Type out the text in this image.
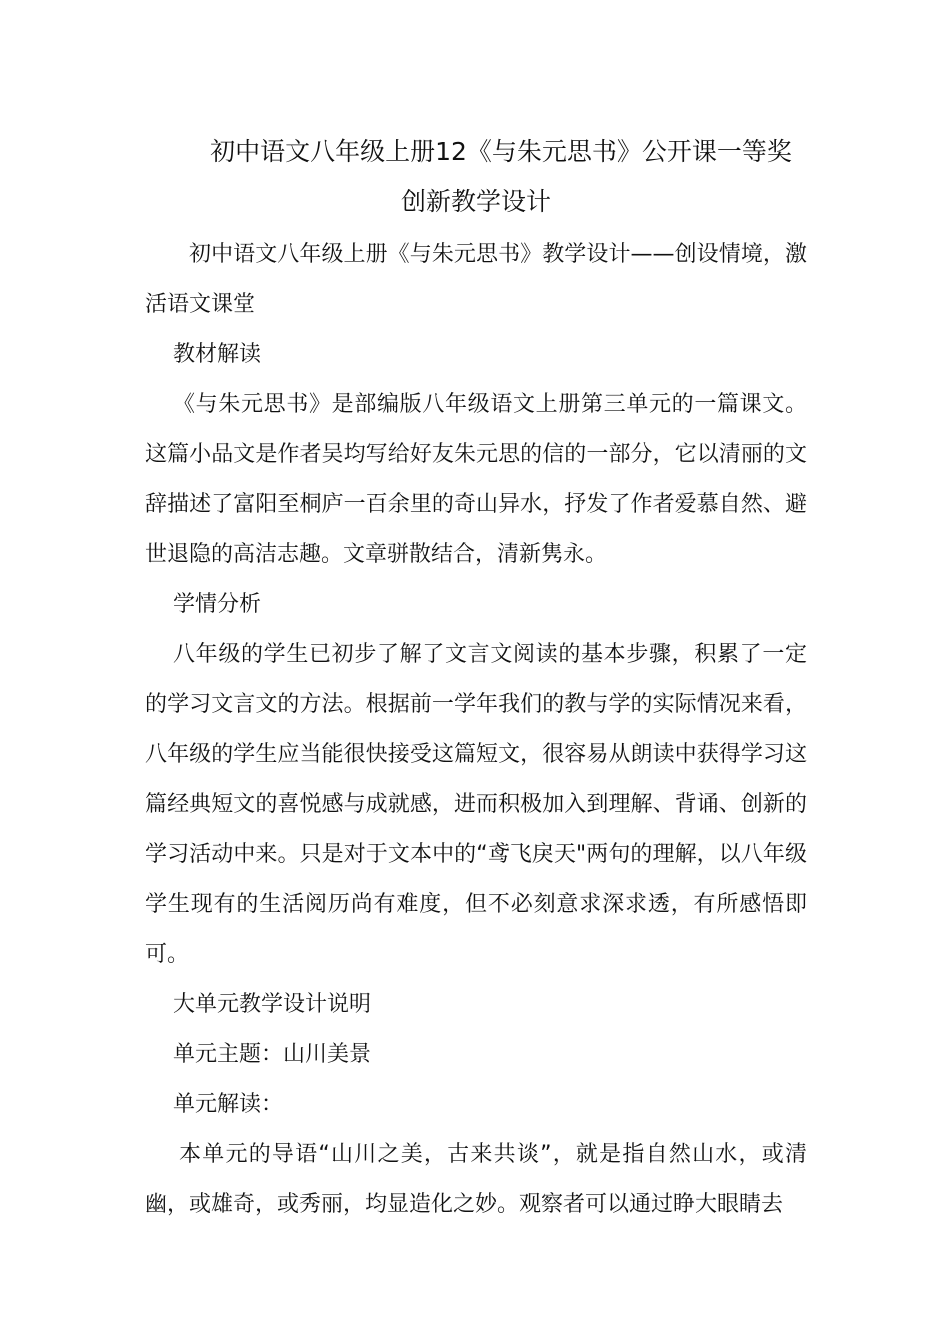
初中语文八年级上册12《与朱元思书》公开课一等奖
创新教学设计

初中语文八年级上册《与朱元思书》教学设计——创设情境，激活语文课堂

教材解读

《与朱元思书》是部编版八年级语文上册第三单元的一篇课文。这篇小品文是作者吴均写给好友朱元思的信的一部分，它以清丽的文辞描述了富阳至桐庐一百余里的奇山异水，抒发了作者爱慕自然、避世退隐的高洁志趣。文章骈散结合，清新隽永。

学情分析

八年级的学生已初步了解了文言文阅读的基本步骤，积累了一定的学习文言文的方法。根据前一学年我们的教与学的实际情况来看，八年级的学生应当能很快接受这篇短文，很容易从朗读中获得学习这篇经典短文的喜悦感与成就感，进而积极加入到理解、背诵、创新的学习活动中来。只是对于文本中的“鸢飞戾天"两句的理解，以八年级学生现有的生活阅历尚有难度，但不必刻意求深求透，有所感悟即可。

大单元教学设计说明

单元主题：山川美景

单元解读：

本单元的导语“山川之美，古来共谈”，就是指自然山水，或清幽，或雄奇，或秀丽，均显造化之妙。观察者可以通过睁大眼睛去
